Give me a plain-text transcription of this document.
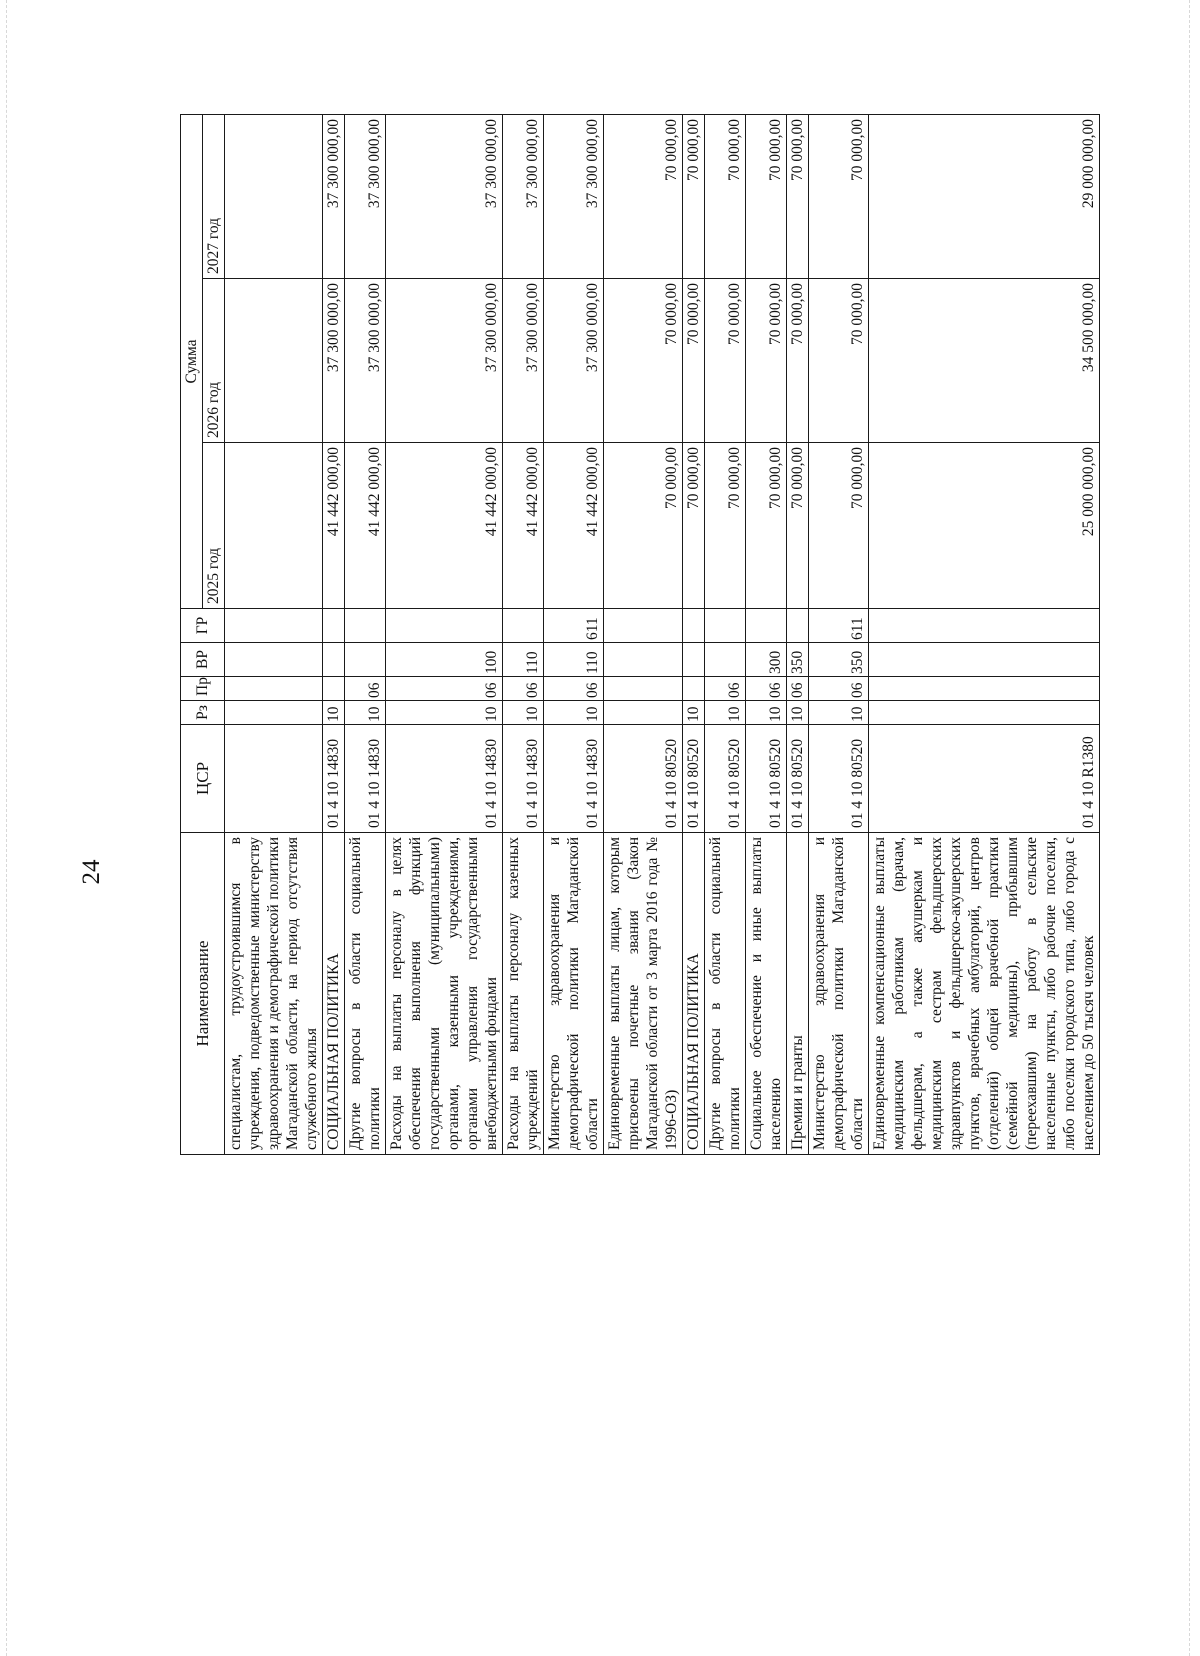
24
Наименование	ЦСР	Рз	Пр	ВР	ГР	Сумма		
						2025 год	2026 год	2027 год
специалистам, трудоустроившимся в учреждения, подведомственные министерству здравоохранения и демографической политики Магаданской области, на период отсутствия служебного жилья								
СОЦИАЛЬНАЯ ПОЛИТИКА	01 4 10 14830	10				41 442 000,00	37 300 000,00	37 300 000,00
Другие вопросы в области социальной политики	01 4 10 14830	10	06			41 442 000,00	37 300 000,00	37 300 000,00
Расходы на выплаты персоналу в целях обеспечения выполнения функций государственными (муниципальными) органами, казенными учреждениями, органами управления государственными внебюджетными фондами	01 4 10 14830	10	06	100		41 442 000,00	37 300 000,00	37 300 000,00
Расходы на выплаты персоналу казенных учреждений	01 4 10 14830	10	06	110		41 442 000,00	37 300 000,00	37 300 000,00
Министерство здравоохранения и демографической политики Магаданской области	01 4 10 14830	10	06	110	611	41 442 000,00	37 300 000,00	37 300 000,00
Единовременные выплаты лицам, которым присвоены почетные звания (Закон Магаданской области от 3 марта 2016 года № 1996-ОЗ)	01 4 10 80520					70 000,00	70 000,00	70 000,00
СОЦИАЛЬНАЯ ПОЛИТИКА	01 4 10 80520	10				70 000,00	70 000,00	70 000,00
Другие вопросы в области социальной политики	01 4 10 80520	10	06			70 000,00	70 000,00	70 000,00
Социальное обеспечение и иные выплаты населению	01 4 10 80520	10	06	300		70 000,00	70 000,00	70 000,00
Премии и гранты	01 4 10 80520	10	06	350		70 000,00	70 000,00	70 000,00
Министерство здравоохранения и демографической политики Магаданской области	01 4 10 80520	10	06	350	611	70 000,00	70 000,00	70 000,00
Единовременные компенсационные выплаты медицинским работникам (врачам, фельдшерам, а также акушеркам и медицинским сестрам фельдшерских здравпунктов и фельдшерско-акушерских пунктов, врачебных амбулаторий, центров (отделений) общей врачебной практики (семейной медицины), прибывшим (переехавшим) на работу в сельские населенные пункты, либо рабочие поселки, либо поселки городского типа, либо города с населением до 50 тысяч человек	01 4 10 R1380					25 000 000,00	34 500 000,00	29 000 000,00
